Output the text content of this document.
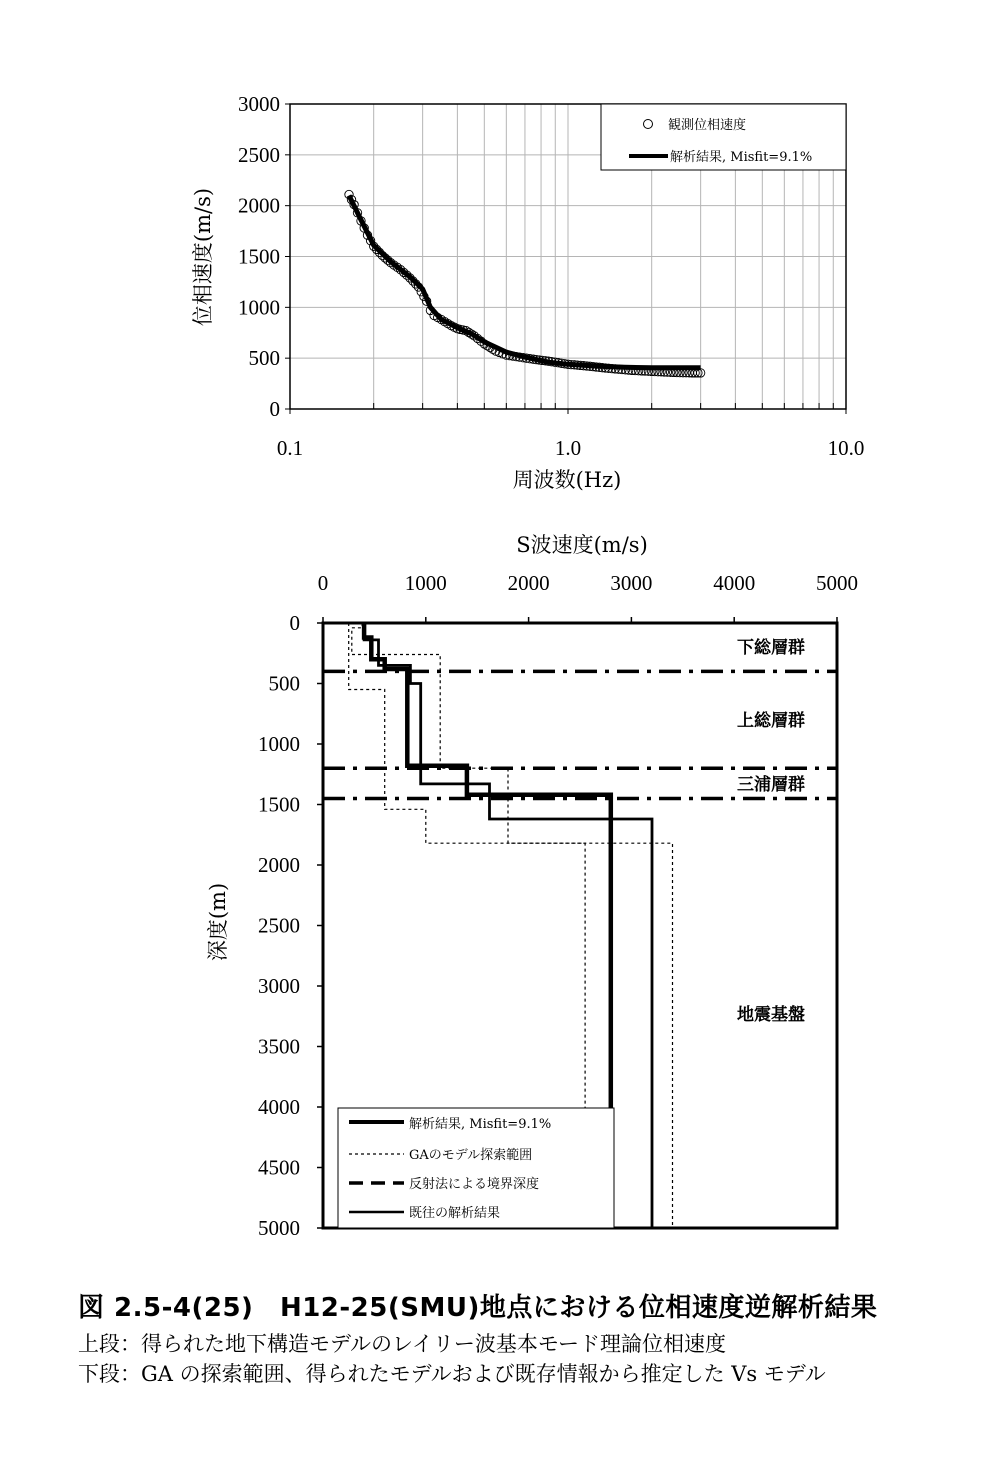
0
500
1000
1500
2000
2500
3000
0.1	1.0	10.0
周波数(Hz)
位相速度(m/s)
観測位相速度
解析結果, Misfit=9.1%
S波速度(m/s)
0	1000	2000	3000	4000	5000
0
500
1000
1500
2000
2500
3000
3500
4000
4500
5000
深度(m)
下総層群
上総層群
三浦層群
地震基盤
解析結果, Misfit=9.1%
GAのモデル探索範囲
反射法による境界深度
既往の解析結果
図 2.5-4(25)　H12-25(SMU)地点における位相速度逆解析結果
上段：得られた地下構造モデルのレイリー波基本モード理論位相速度
下段：GA の探索範囲、得られたモデルおよび既存情報から推定した Vs モデル
